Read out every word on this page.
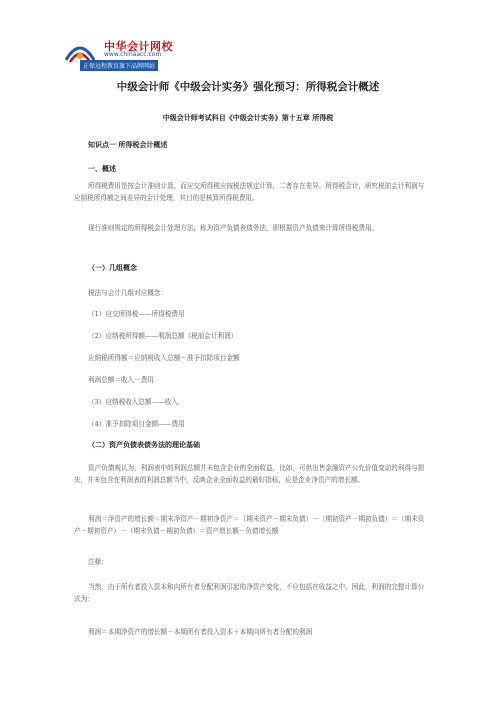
中华会计网校
www.chinaacc.com
正保远程教育旗下品牌网站
中级会计师《中级会计实务》强化预习：所得税会计概述
中级会计师考试科目《中级会计实务》第十五章 所得税
知识点一 所得税会计概述
一、概述
所得税费用是按会计准则计算，而应交所得税应按税法规定计算，二者存在差异。所得税会计，研究税前会计利润与应纳税所得额之间差异的会计处理，其目的是核算所得税费用。
现行准则规定的所得税会计处理方法，称为资产负债表债务法，即根据资产负债来计算所得税费用。
（一）几组概念
税法与会计几组对应概念：
（1）应交所得税——所得税费用
（2）应纳税所得额——利润总额（税前会计利润）
应纳税所得额＝应纳税收入总额－准予扣除项目金额
利润总额＝收入－费用
（3）应纳税收入总额——收入
（4）准予扣除项目金额——费用
（二）资产负债表债务法的理论基础
资产负债观认为，利润表中的利润总额并未包含企业的全面收益，比如，可供出售金融资产公允价值变动的利得与损失，并未包含在利润表的利润总额当中，反映企业全面收益的最好指标，应是企业净资产的增长额。
利润＝净资产的增长额＝期末净资产－期初净资产＝（期末资产－期末负债）－（期初资产－期初负债）＝（期末资产－期初资产）－（期末负债－期初负债）＝资产增长额－负债增长额
注释：
当然，由于所有者投入资本和向所有者分配利润引起的净资产变化，不应包括在收益之中。因此，利润的完整计算公式为：
利润＝本期净资产的增长额－本期所有者投入资本＋本期向所有者分配的利润
